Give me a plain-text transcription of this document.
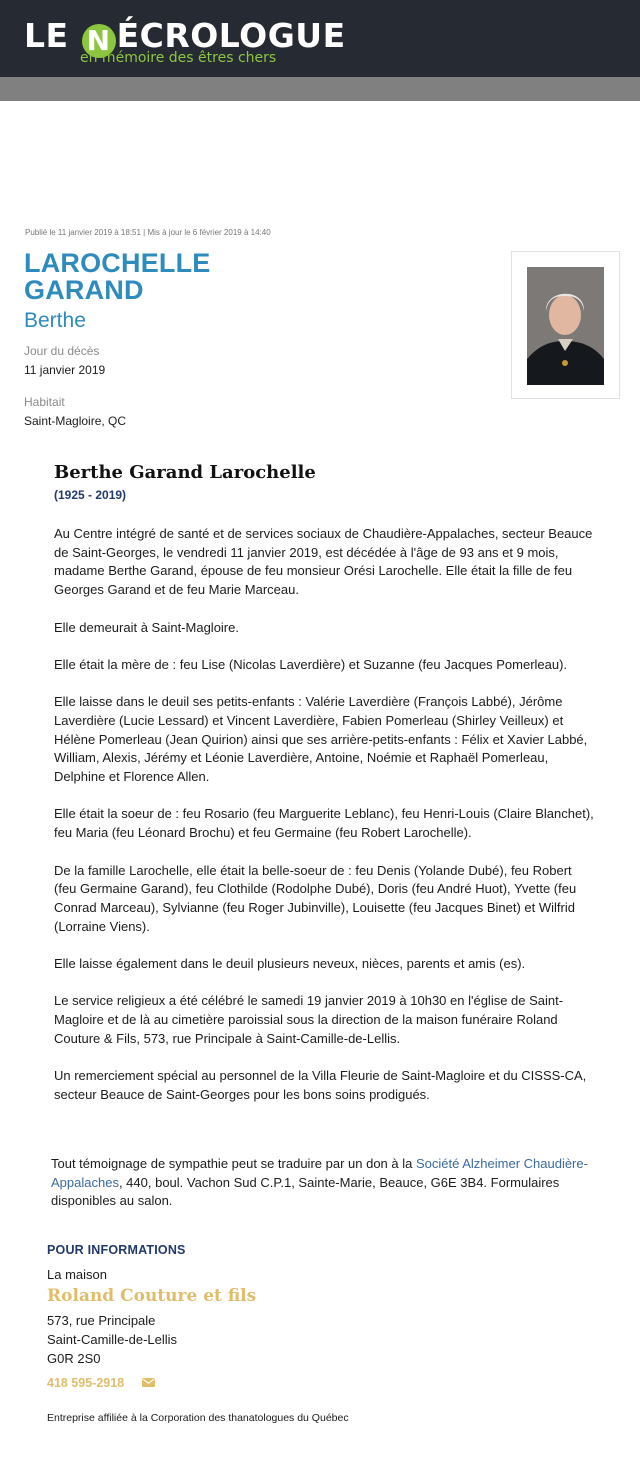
LE N ÉCROLOGUE
en mémoire des êtres chers
Publié le 11 janvier 2019 à 18:51 | Mis à jour le 6 février 2019 à 14:40
LAROCHELLE
GARAND
Berthe
Jour du décès
11 janvier 2019
Habitait
Saint-Magloire, QC
Berthe Garand Larochelle
(1925 - 2019)

Au Centre intégré de santé et de services sociaux de Chaudière-Appalaches, secteur Beauce de Saint-Georges, le vendredi 11 janvier 2019, est décédée à l'âge de 93 ans et 9 mois, madame Berthe Garand, épouse de feu monsieur Orési Larochelle. Elle était la fille de feu Georges Garand et de feu Marie Marceau.

Elle demeurait à Saint-Magloire.

Elle était la mère de : feu Lise (Nicolas Laverdière) et Suzanne (feu Jacques Pomerleau).

Elle laisse dans le deuil ses petits-enfants : Valérie Laverdière (François Labbé), Jérôme Laverdière (Lucie Lessard) et Vincent Laverdière, Fabien Pomerleau (Shirley Veilleux) et Hélène Pomerleau (Jean Quirion) ainsi que ses arrière-petits-enfants : Félix et Xavier Labbé, William, Alexis, Jérémy et Léonie Laverdière, Antoine, Noémie et Raphaël Pomerleau, Delphine et Florence Allen.

Elle était la soeur de : feu Rosario (feu Marguerite Leblanc), feu Henri-Louis (Claire Blanchet), feu Maria (feu Léonard Brochu) et feu Germaine (feu Robert Larochelle).

De la famille Larochelle, elle était la belle-soeur de : feu Denis (Yolande Dubé), feu Robert (feu Germaine Garand), feu Clothilde (Rodolphe Dubé), Doris (feu André Huot), Yvette (feu Conrad Marceau), Sylvianne (feu Roger Jubinville), Louisette (feu Jacques Binet) et Wilfrid (Lorraine Viens).

Elle laisse également dans le deuil plusieurs neveux, nièces, parents et amis (es).

Le service religieux a été célébré le samedi 19 janvier 2019 à 10h30 en l'église de Saint-Magloire et de là au cimetière paroissial sous la direction de la maison funéraire Roland Couture & Fils, 573, rue Principale à Saint-Camille-de-Lellis.

Un remerciement spécial au personnel de la Villa Fleurie de Saint-Magloire et du CISSS-CA, secteur Beauce de Saint-Georges pour les bons soins prodigués.

Tout témoignage de sympathie peut se traduire par un don à la Société Alzheimer Chaudière-Appalaches, 440, boul. Vachon Sud C.P.1, Sainte-Marie, Beauce, G6E 3B4. Formulaires disponibles au salon.
POUR INFORMATIONS
La maison
Roland Couture et fils
573, rue Principale
Saint-Camille-de-Lellis
G0R 2S0
418 595-2918
Entreprise affiliée à la Corporation des thanatologues du Québec
